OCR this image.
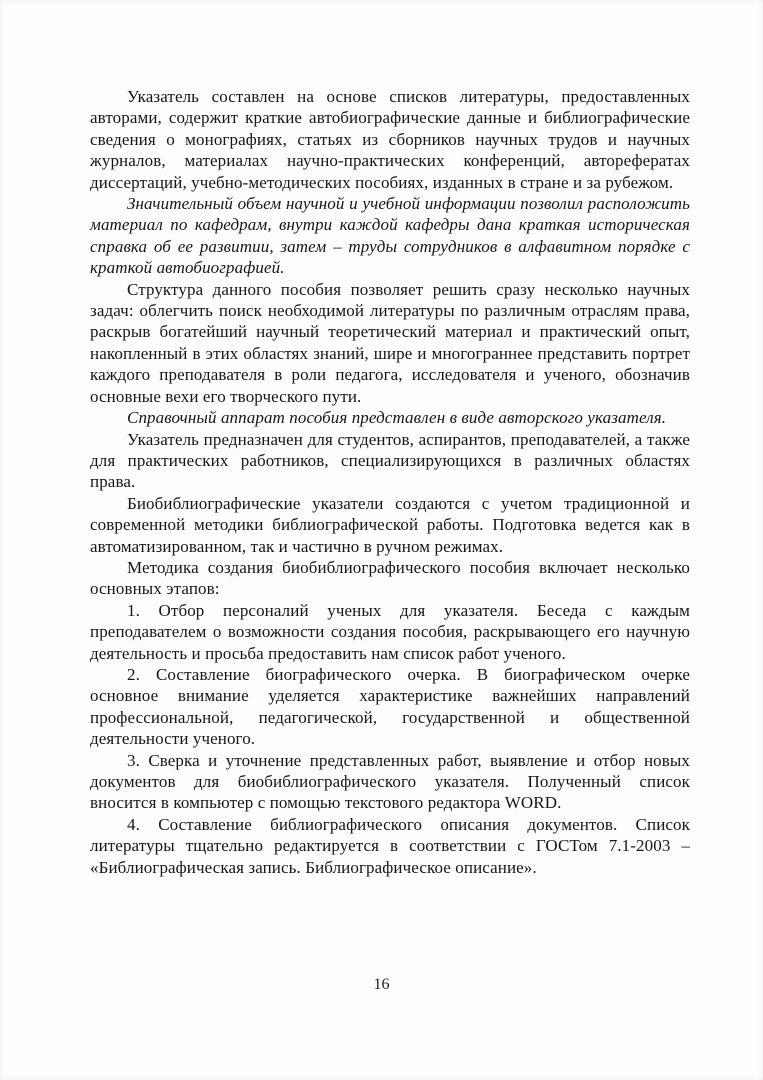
Указатель составлен на основе списков литературы, предоставленных авторами, содержит краткие автобиографические данные и библиографические сведения о монографиях, статьях из сборников научных трудов и научных журналов, материалах научно-практических конференций, авторефератах диссертаций, учебно-методических пособиях, изданных в стране и за рубежом.

Значительный объем научной и учебной информации позволил расположить материал по кафедрам, внутри каждой кафедры дана краткая историческая справка об ее развитии, затем – труды сотрудников в алфавитном порядке с краткой автобиографией.

Структура данного пособия позволяет решить сразу несколько научных задач: облегчить поиск необходимой литературы по различным отраслям права, раскрыв богатейший научный теоретический материал и практический опыт, накопленный в этих областях знаний, шире и многограннее представить портрет каждого преподавателя в роли педагога, исследователя и ученого, обозначив основные вехи его творческого пути.

Справочный аппарат пособия представлен в виде авторского указателя.

Указатель предназначен для студентов, аспирантов, преподавателей, а также для практических работников, специализирующихся в различных областях права.

Биобиблиографические указатели создаются с учетом традиционной и современной методики библиографической работы. Подготовка ведется как в автоматизированном, так и частично в ручном режимах.

Методика создания биобиблиографического пособия включает несколько основных этапов:

1. Отбор персоналий ученых для указателя. Беседа с каждым преподавателем о возможности создания пособия, раскрывающего его научную деятельность и просьба предоставить нам список работ ученого.

2. Составление биографического очерка. В биографическом очерке основное внимание уделяется характеристике важнейших направлений профессиональной, педагогической, государственной и общественной деятельности ученого.

3. Сверка и уточнение представленных работ, выявление и отбор новых документов для биобиблиографического указателя. Полученный список вносится в компьютер с помощью текстового редактора WORD.

4. Составление библиографического описания документов. Список литературы тщательно редактируется в соответствии с ГОСТом 7.1-2003 – «Библиографическая запись. Библиографическое описание».

16
